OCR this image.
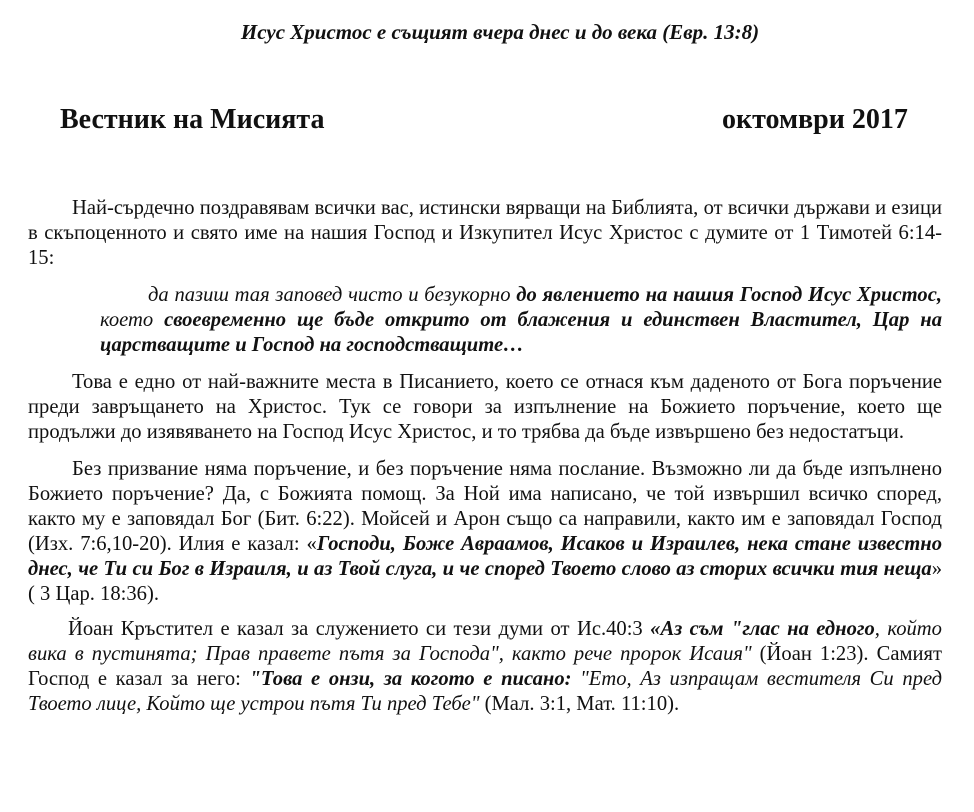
Исус Христос е същият вчера днес и до века (Евр. 13:8)
Вестник на Мисията	октомври 2017

Най-сърдечно поздравявам всички вас, истински вярващи на Библията, от всички държави и езици в скъпоценното и свято име на нашия Господ и Изкупител Исус Христос с думите от 1 Тимотей 6:14-15:

да пазиш тая заповед чисто и безукорно до явлението на нашия Господ Исус Христос, което своевременно ще бъде открито от блажения и единствен Властител, Цар на царстващите и Господ на господстващите…

Това е едно от най-важните места в Писанието, което се отнася към даденото от Бога поръчение преди завръщането на Христос. Тук се говори за изпълнение на Божието поръчение, което ще продължи до изявяването на Господ Исус Христос, и то трябва да бъде извършено без недостатъци.

Без призвание няма поръчение, и без поръчение няма послание. Възможно ли да бъде изпълнено Божието поръчение? Да, с Божията помощ. За Ной има написано, че той извършил всичко според, както му е заповядал Бог (Бит. 6:22). Мойсей и Арон също са направили, както им е заповядал Господ (Изх. 7:6,10-20). Илия е казал: «Господи, Боже Авраамов, Исаков и Израилев, нека стане известно днес, че Ти си Бог в Израиля, и аз Твой слуга, и че според Твоето слово аз сторих всички тия неща» ( 3 Цар. 18:36).

Йоан Кръстител е казал за служението си тези думи от Ис.40:3 «Аз съм "глас на едного, който вика в пустинята; Прав правете пътя за Господа", както рече пророк Исаия" (Йоан 1:23). Самият Господ е казал за него: "Това е онзи, за когото е писано: "Ето, Аз изпращам вестителя Си пред Твоето лице, Който ще устрои пътя Ти пред Тебе" (Мал. 3:1, Мат. 11:10).
